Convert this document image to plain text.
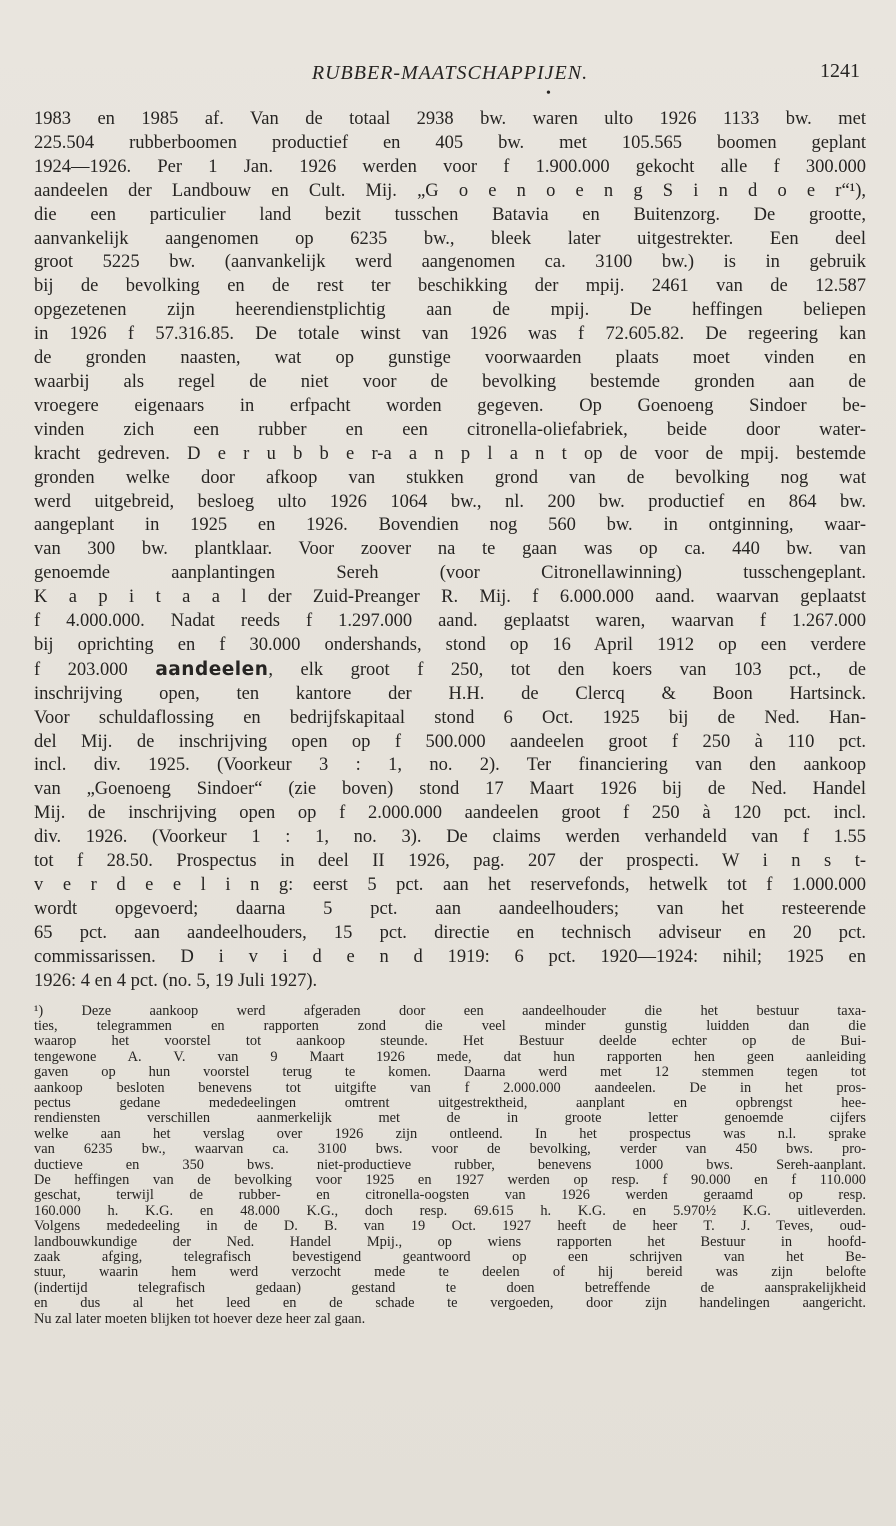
RUBBER-MAATSCHAPPIJEN.	1241
•
1983 en 1985 af. Van de totaal 2938 bw. waren ulto 1926 1133 bw. met
225.504 rubberboomen productief en 405 bw. met 105.565 boomen geplant
1924—1926. Per 1 Jan. 1926 werden voor f 1.900.000 gekocht alle f 300.000
aandeelen der Landbouw en Cult. Mij. „G o e n o e n g S i n d o e r“¹),
die een particulier land bezit tusschen Batavia en Buitenzorg. De grootte,
aanvankelijk aangenomen op 6235 bw., bleek later uitgestrekter. Een deel
groot 5225 bw. (aanvankelijk werd aangenomen ca. 3100 bw.) is in gebruik
bij de bevolking en de rest ter beschikking der mpij. 2461 van de 12.587
opgezetenen zijn heerendienstplichtig aan de mpij. De heffingen beliepen
in 1926 f 57.316.85. De totale winst van 1926 was f 72.605.82. De regeering kan
de gronden naasten, wat op gunstige voorwaarden plaats moet vinden en
waarbij als regel de niet voor de bevolking bestemde gronden aan de
vroegere eigenaars in erfpacht worden gegeven. Op Goenoeng Sindoer be-
vinden zich een rubber en een citronella-oliefabriek, beide door water-
kracht gedreven. D e r u b b e r-a a n p l a n t op de voor de mpij. bestemde
gronden welke door afkoop van stukken grond van de bevolking nog wat
werd uitgebreid, besloeg ulto 1926 1064 bw., nl. 200 bw. productief en 864 bw.
aangeplant in 1925 en 1926. Bovendien nog 560 bw. in ontginning, waar-
van 300 bw. plantklaar. Voor zoover na te gaan was op ca. 440 bw. van
genoemde aanplantingen Sereh (voor Citronellawinning) tusschengeplant.
K a p i t a a l der Zuid-Preanger R. Mij. f 6.000.000 aand. waarvan geplaatst
f 4.000.000. Nadat reeds f 1.297.000 aand. geplaatst waren, waarvan f 1.267.000
bij oprichting en f 30.000 ondershands, stond op 16 April 1912 op een verdere
f 203.000 aandeelen, elk groot f 250, tot den koers van 103 pct., de
inschrijving open, ten kantore der H.H. de Clercq & Boon Hartsinck.
Voor schuldaflossing en bedrijfskapitaal stond 6 Oct. 1925 bij de Ned. Han-
del Mij. de inschrijving open op f 500.000 aandeelen groot f 250 à 110 pct.
incl. div. 1925. (Voorkeur 3 : 1, no. 2). Ter financiering van den aankoop
van „Goenoeng Sindoer“ (zie boven) stond 17 Maart 1926 bij de Ned. Handel
Mij. de inschrijving open op f 2.000.000 aandeelen groot f 250 à 120 pct. incl.
div. 1926. (Voorkeur 1 : 1, no. 3). De claims werden verhandeld van f 1.55
tot f 28.50. Prospectus in deel II 1926, pag. 207 der prospecti. W i n s t-
v e r d e e l i n g: eerst 5 pct. aan het reservefonds, hetwelk tot f 1.000.000
wordt opgevoerd; daarna 5 pct. aan aandeelhouders; van het resteerende
65 pct. aan aandeelhouders, 15 pct. directie en technisch adviseur en 20 pct.
commissarissen. D i v i d e n d 1919: 6 pct. 1920—1924: nihil; 1925 en
1926: 4 en 4 pct. (no. 5, 19 Juli 1927).
¹) Deze aankoop werd afgeraden door een aandeelhouder die het bestuur taxa-
ties, telegrammen en rapporten zond die veel minder gunstig luidden dan die
waarop het voorstel tot aankoop steunde. Het Bestuur deelde echter op de Bui-
tengewone A. V. van 9 Maart 1926 mede, dat hun rapporten hen geen aanleiding
gaven op hun voorstel terug te komen. Daarna werd met 12 stemmen tegen tot
aankoop besloten benevens tot uitgifte van f 2.000.000 aandeelen. De in het pros-
pectus gedane mededeelingen omtrent uitgestrektheid, aanplant en opbrengst hee-
rendiensten verschillen aanmerkelijk met de in groote letter genoemde cijfers
welke aan het verslag over 1926 zijn ontleend. In het prospectus was n.l. sprake
van 6235 bw., waarvan ca. 3100 bws. voor de bevolking, verder van 450 bws. pro-
ductieve en 350 bws. niet-productieve rubber, benevens 1000 bws. Sereh-aanplant.
De heffingen van de bevolking voor 1925 en 1927 werden op resp. f 90.000 en f 110.000
geschat, terwijl de rubber- en citronella-oogsten van 1926 werden geraamd op resp.
160.000 h. K.G. en 48.000 K.G., doch resp. 69.615 h. K.G. en 5.970½ K.G. uitleverden.
Volgens mededeeling in de D. B. van 19 Oct. 1927 heeft de heer T. J. Teves, oud-
landbouwkundige der Ned. Handel Mpij., op wiens rapporten het Bestuur in hoofd-
zaak afging, telegrafisch bevestigend geantwoord op een schrijven van het Be-
stuur, waarin hem werd verzocht mede te deelen of hij bereid was zijn belofte
(indertijd telegrafisch gedaan) gestand te doen betreffende de aansprakelijkheid
en dus al het leed en de schade te vergoeden, door zijn handelingen aangericht.
Nu zal later moeten blijken tot hoever deze heer zal gaan.
